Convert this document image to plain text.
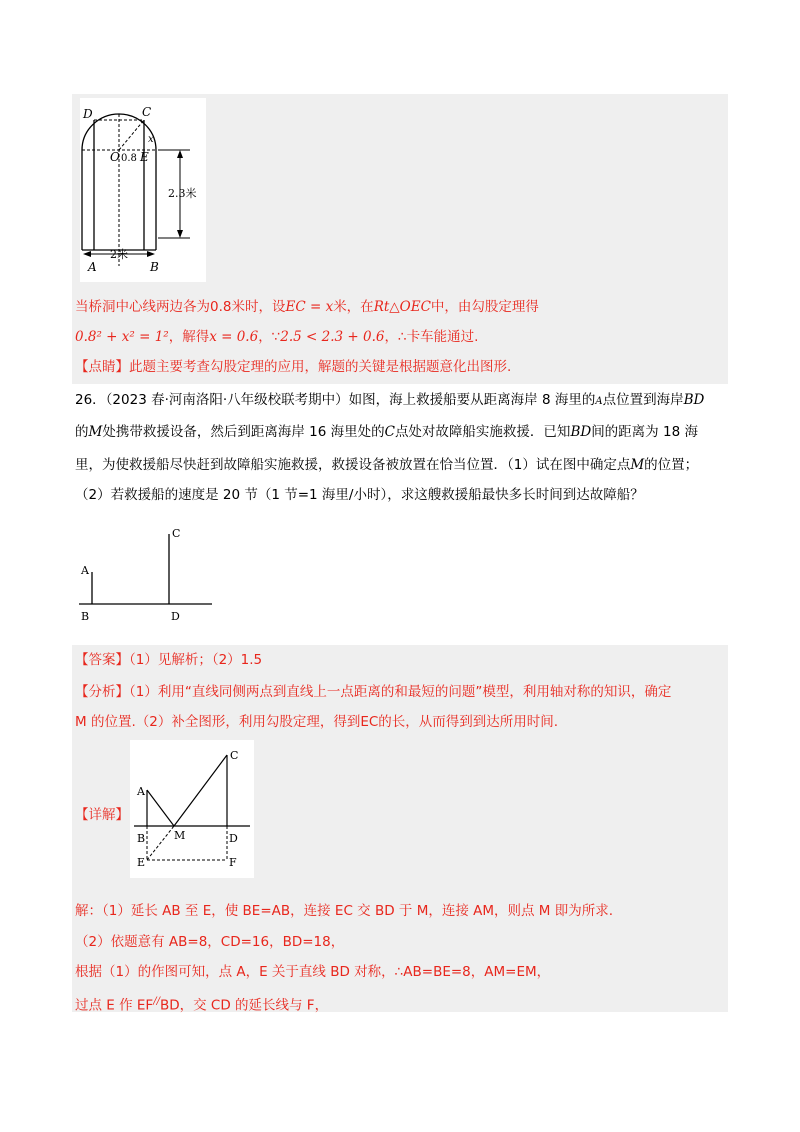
D	C
O 0.8 E
x
2.3米
2米
A	B
当桥洞中心线两边各为0.8米时，设EC = x米，在Rt△OEC中，由勾股定理得
0.8² + x² = 1²，解得x = 0.6，∵2.5 < 2.3 + 0.6，∴卡车能通过.
【点睛】此题主要考查勾股定理的应用，解题的关键是根据题意化出图形.
26．（2023 春·河南洛阳·八年级校联考期中）如图，海上救援船要从距离海岸 8 海里的A点位置到海岸BD
的M处携带救援设备，然后到距离海岸 16 海里处的C点处对故障船实施救援．已知BD间的距离为 18 海
里，为使救援船尽快赶到故障船实施救援，救援设备被放置在恰当位置．（1）试在图中确定点M的位置；
（2）若救援船的速度是 20 节（1 节=1 海里/小时），求这艘救援船最快多长时间到达故障船？
A
B
C
D
【答案】（1）见解析；（2）1.5
【分析】（1）利用“直线同侧两点到直线上一点距离的和最短的问题”模型，利用轴对称的知识，确定
M 的位置.（2）补全图形，利用勾股定理，得到EC的长，从而得到到达所用时间.
【详解】
A
B	M
C
D
E	F
解：（1）延长 AB 至 E，使 BE=AB，连接 EC 交 BD 于 M，连接 AM，则点 M 即为所求.
（2）依题意有 AB=8，CD=16，BD=18，
根据（1）的作图可知，点 A，E 关于直线 BD 对称，∴AB=BE=8，AM=EM，
过点 E 作 EF//BD，交 CD 的延长线与 F，
